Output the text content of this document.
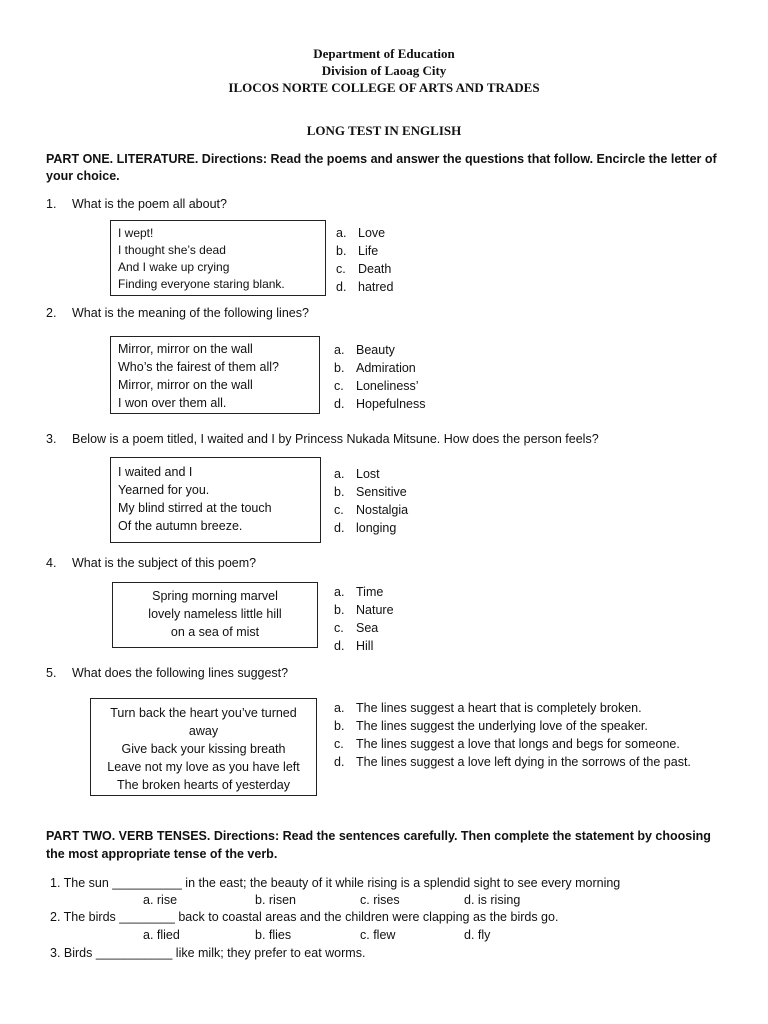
Department of Education
Division of Laoag City
ILOCOS NORTE COLLEGE OF ARTS AND TRADES
LONG TEST IN ENGLISH
PART ONE. LITERATURE. Directions: Read the poems and answer the questions that follow. Encircle the letter of
your choice.
1. What is the poem all about?
I wept!
I thought she’s dead
And I wake up crying
Finding everyone staring blank.
a. Love
b. Life
c. Death
d. hatred
2. What is the meaning of the following lines?
Mirror, mirror on the wall
Who’s the fairest of them all?
Mirror, mirror on the wall
I won over them all.
a. Beauty
b. Admiration
c. Loneliness’
d. Hopefulness
3. Below is a poem titled, I waited and I by Princess Nukada Mitsune. How does the person feels?
I waited and I
Yearned for you.
My blind stirred at the touch
Of the autumn breeze.
a. Lost
b. Sensitive
c. Nostalgia
d. longing
4. What is the subject of this poem?
Spring morning marvel
lovely nameless little hill
on a sea of mist
a. Time
b. Nature
c. Sea
d. Hill
5. What does the following lines suggest?
Turn back the heart you’ve turned
away
Give back your kissing breath
Leave not my love as you have left
The broken hearts of yesterday
a. The lines suggest a heart that is completely broken.
b. The lines suggest the underlying love of the speaker.
c. The lines suggest a love that longs and begs for someone.
d. The lines suggest a love left dying in the sorrows of the past.
PART TWO. VERB TENSES. Directions: Read the sentences carefully. Then complete the statement by choosing
the most appropriate tense of the verb.
1. The sun __________ in the east; the beauty of it while rising is a splendid sight to see every morning
a. rise	b. risen	c. rises	d. is rising
2. The birds ________ back to coastal areas and the children were clapping as the birds go.
a. flied	b. flies	c. flew	d. fly
3. Birds ___________ like milk; they prefer to eat worms.
